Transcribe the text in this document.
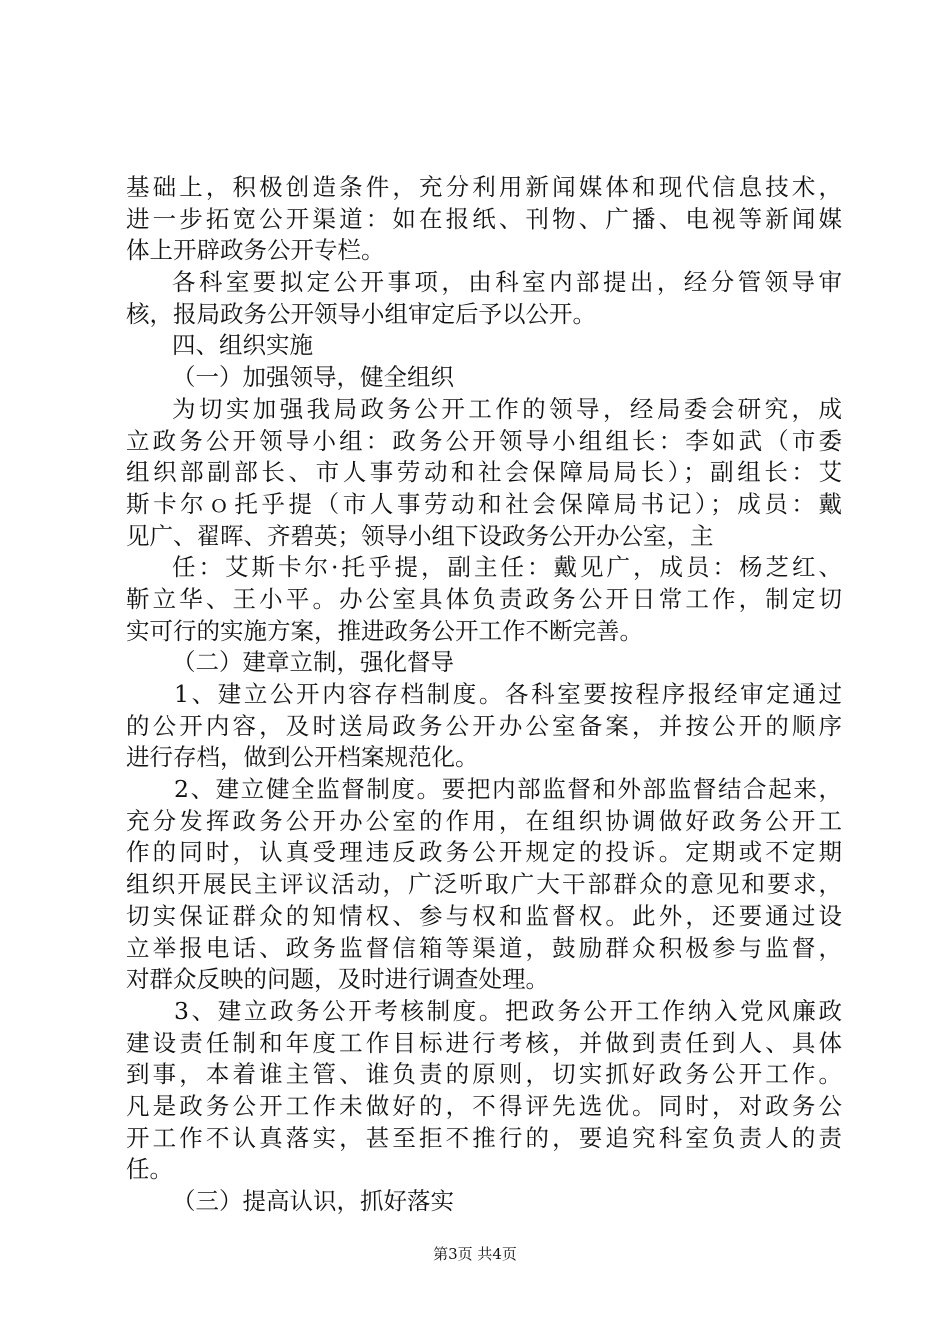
基础上，积极创造条件，充分利用新闻媒体和现代信息技术，
进一步拓宽公开渠道：如在报纸、刊物、广播、电视等新闻媒
体上开辟政务公开专栏。
各科室要拟定公开事项，由科室内部提出，经分管领导审
核，报局政务公开领导小组审定后予以公开。
四、组织实施
（一）加强领导，健全组织
为切实加强我局政务公开工作的领导，经局委会研究，成
立政务公开领导小组：政务公开领导小组组长：李如武（市委
组织部副部长、市人事劳动和社会保障局局长）；副组长：艾
斯卡尔ｏ托乎提（市人事劳动和社会保障局书记）；成员：戴
见广、翟晖、齐碧英；领导小组下设政务公开办公室，主
任：艾斯卡尔·托乎提，副主任：戴见广，成员：杨芝红、
靳立华、王小平。办公室具体负责政务公开日常工作，制定切
实可行的实施方案，推进政务公开工作不断完善。
（二）建章立制，强化督导
1、建立公开内容存档制度。各科室要按程序报经审定通过
的公开内容，及时送局政务公开办公室备案，并按公开的顺序
进行存档，做到公开档案规范化。
2、建立健全监督制度。要把内部监督和外部监督结合起来，
充分发挥政务公开办公室的作用，在组织协调做好政务公开工
作的同时，认真受理违反政务公开规定的投诉。定期或不定期
组织开展民主评议活动，广泛听取广大干部群众的意见和要求，
切实保证群众的知情权、参与权和监督权。此外，还要通过设
立举报电话、政务监督信箱等渠道，鼓励群众积极参与监督，
对群众反映的问题，及时进行调查处理。
3、建立政务公开考核制度。把政务公开工作纳入党风廉政
建设责任制和年度工作目标进行考核，并做到责任到人、具体
到事，本着谁主管、谁负责的原则，切实抓好政务公开工作。
凡是政务公开工作未做好的，不得评先选优。同时，对政务公
开工作不认真落实，甚至拒不推行的，要追究科室负责人的责
任。
（三）提高认识，抓好落实
第3页 共4页
